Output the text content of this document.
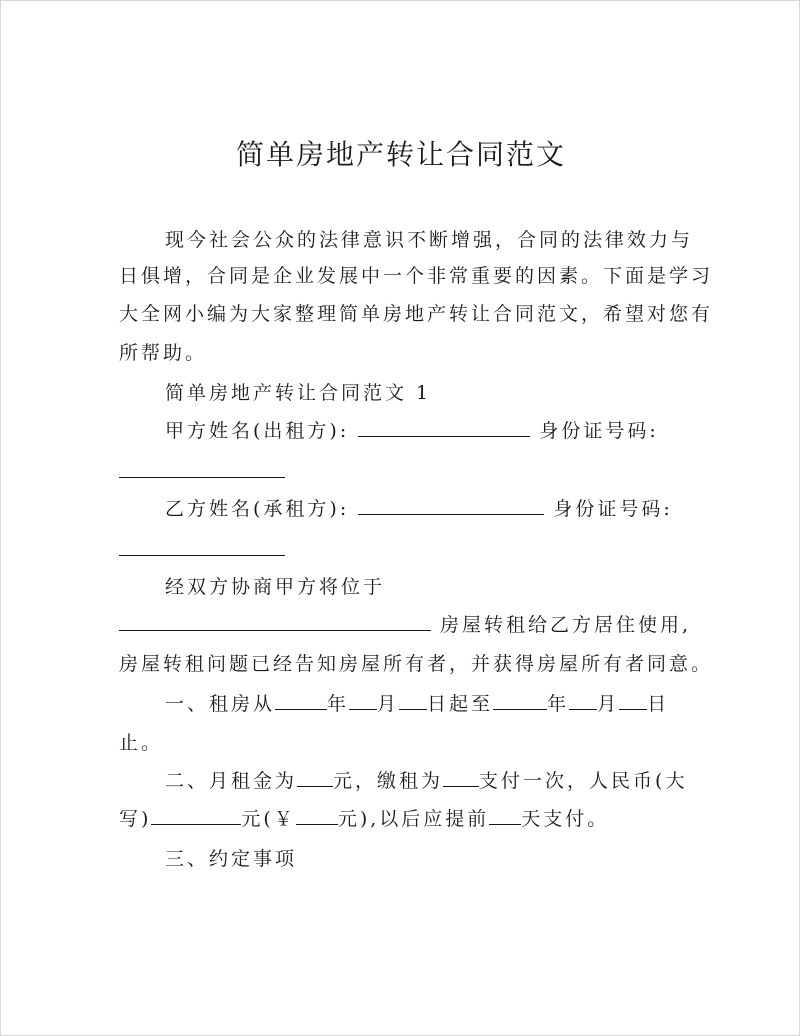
简单房地产转让合同范文
现今社会公众的法律意识不断增强，合同的法律效力与
日俱增，合同是企业发展中一个非常重要的因素。下面是学习
大全网小编为大家整理简单房地产转让合同范文，希望对您有
所帮助。
简单房地产转让合同范文 1
甲方姓名(出租方):	身份证号码:
乙方姓名(承租方):	身份证号码:
经双方协商甲方将位于
房屋转租给乙方居住使用,
房屋转租问题已经告知房屋所有者，并获得房屋所有者同意。
一、租房从	年 月 日起至	年 月 日
止。
二、月租金为 元，缴租为 支付一次，人民币(大
写)	元(￥ 元),以后应提前 天支付。
三、约定事项
